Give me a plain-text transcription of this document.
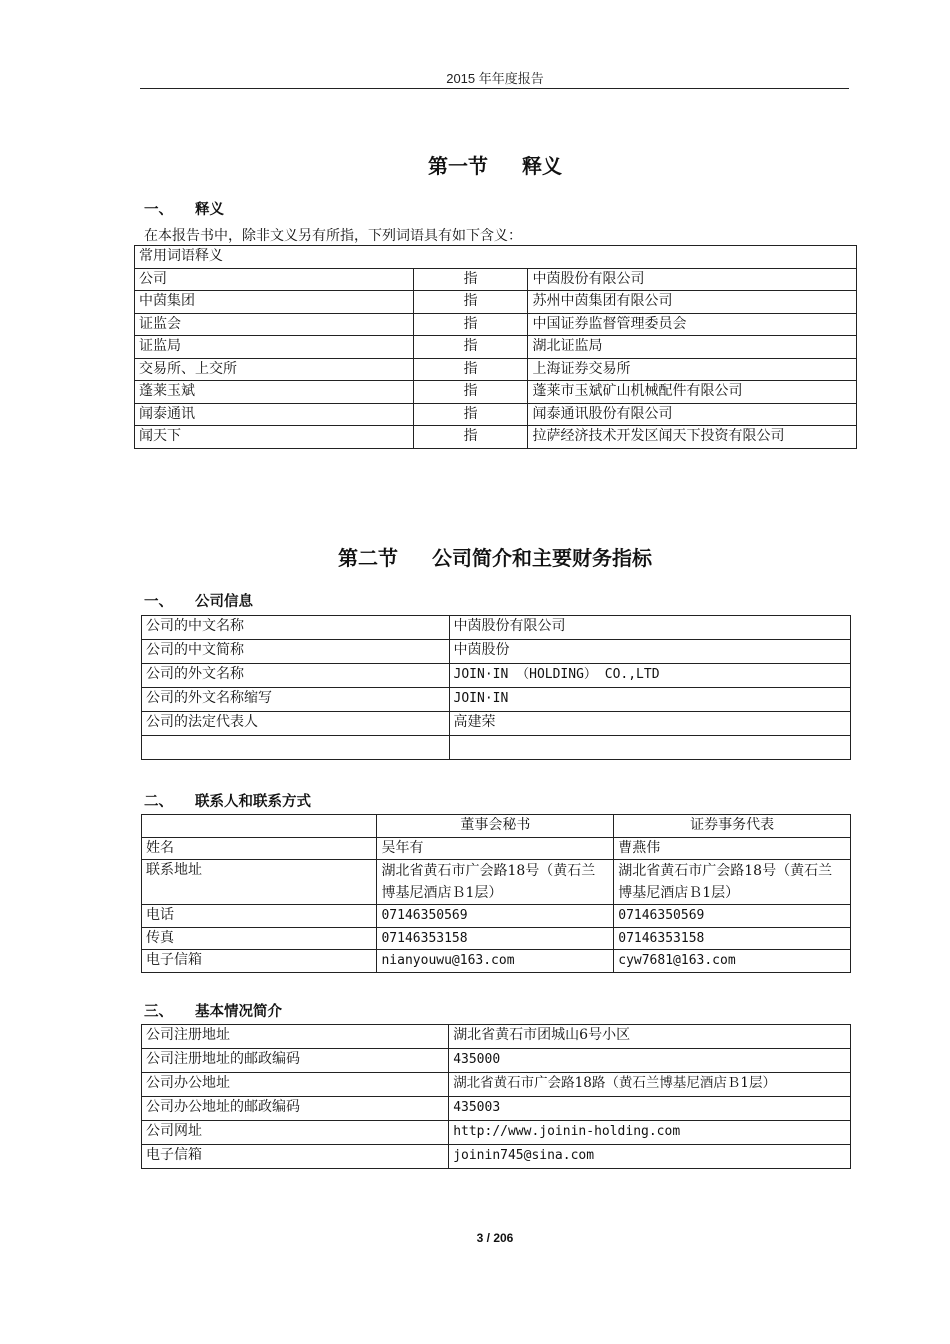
2015 年年度报告
第一节 释义
一、 释义
在本报告书中，除非文义另有所指，下列词语具有如下含义：
常用词语释义		
公司	指	中茵股份有限公司
中茵集团	指	苏州中茵集团有限公司
证监会	指	中国证券监督管理委员会
证监局	指	湖北证监局
交易所、上交所	指	上海证券交易所
蓬莱玉斌	指	蓬莱市玉斌矿山机械配件有限公司
闻泰通讯	指	闻泰通讯股份有限公司
闻天下	指	拉萨经济技术开发区闻天下投资有限公司
第二节 公司简介和主要财务指标
一、 公司信息
公司的中文名称	中茵股份有限公司
公司的中文简称	中茵股份
公司的外文名称	JOIN·IN （HOLDING） CO.,LTD
公司的外文名称缩写	JOIN·IN
公司的法定代表人	高建荣

二、 联系人和联系方式
	董事会秘书	证券事务代表
姓名	吴年有	曹燕伟
联系地址	湖北省黄石市广会路18号（黄石兰博基尼酒店Ｂ1层）	湖北省黄石市广会路18号（黄石兰博基尼酒店Ｂ1层）
电话	07146350569	07146350569
传真	07146353158	07146353158
电子信箱	nianyouwu@163.com	cyw7681@163.com
三、 基本情况简介
公司注册地址	湖北省黄石市团城山6号小区
公司注册地址的邮政编码	435000
公司办公地址	湖北省黄石市广会路18路（黄石兰博基尼酒店Ｂ1层）
公司办公地址的邮政编码	435003
公司网址	http://www.joinin-holding.com
电子信箱	joinin745@sina.com
3 / 206
